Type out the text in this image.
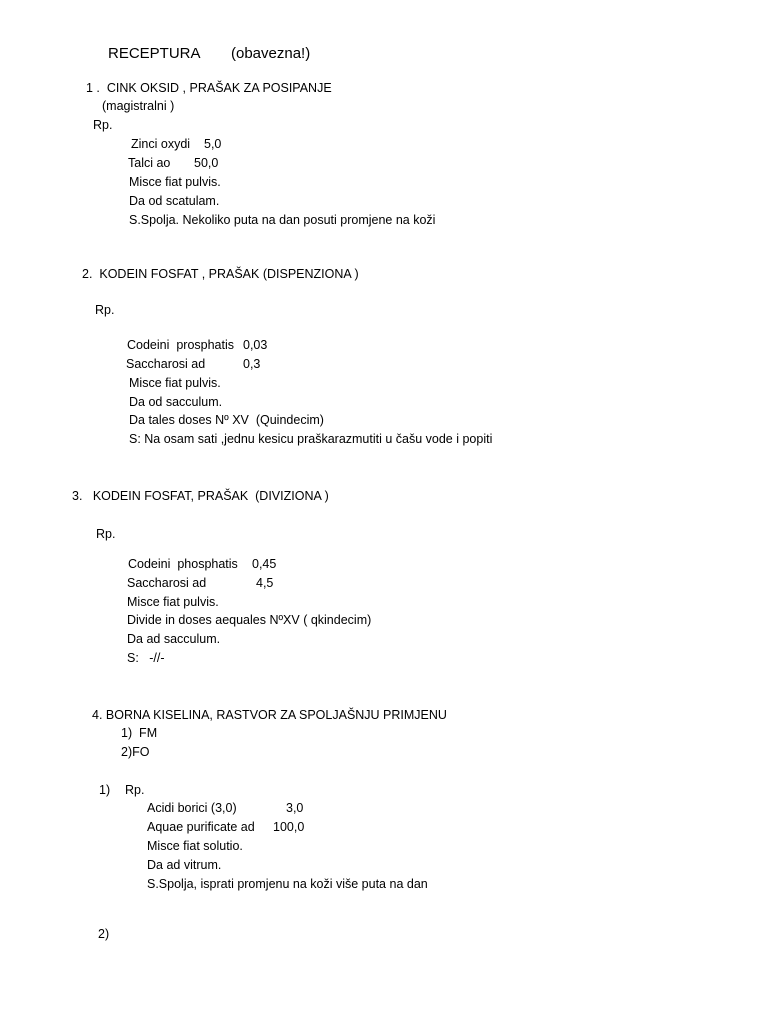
RECEPTURA (obavezna!)
1 .  CINK OKSID , PRAŠAK ZA POSIPANJE
(magistralni )
Rp.
Zinci oxydi 5,0
Talci ao 50,0
Misce fiat pulvis.
Da od scatulam.
S.Spolja. Nekoliko puta na dan posuti promjene na koži
2.  KODEIN FOSFAT , PRAŠAK (DISPENZIONA )
Rp.
Codeini  prosphatis 0,03
Saccharosi ad	0,3
Misce fiat pulvis.
Da od sacculum.
Da tales doses Nº XV  (Quindecim)
S: Na osam sati ,jednu kesicu praškarazmutiti u čašu vode i popiti
3.   KODEIN FOSFAT, PRAŠAK  (DIVIZIONA )
Rp.
Codeini  phosphatis 0,45
Saccharosi ad	4,5
Misce fiat pulvis.
Divide in doses aequales NºXV ( qkindecim)
Da ad sacculum.
S:   -//-
4. BORNA KISELINA, RASTVOR ZA SPOLJAŠNJU PRIMJENU
1)  FM
2)FO
1) Rp.
Acidi borici (3,0)	3,0
Aquae purificate ad 100,0
Misce fiat solutio.
Da ad vitrum.
S.Spolja, isprati promjenu na koži više puta na dan
2)
